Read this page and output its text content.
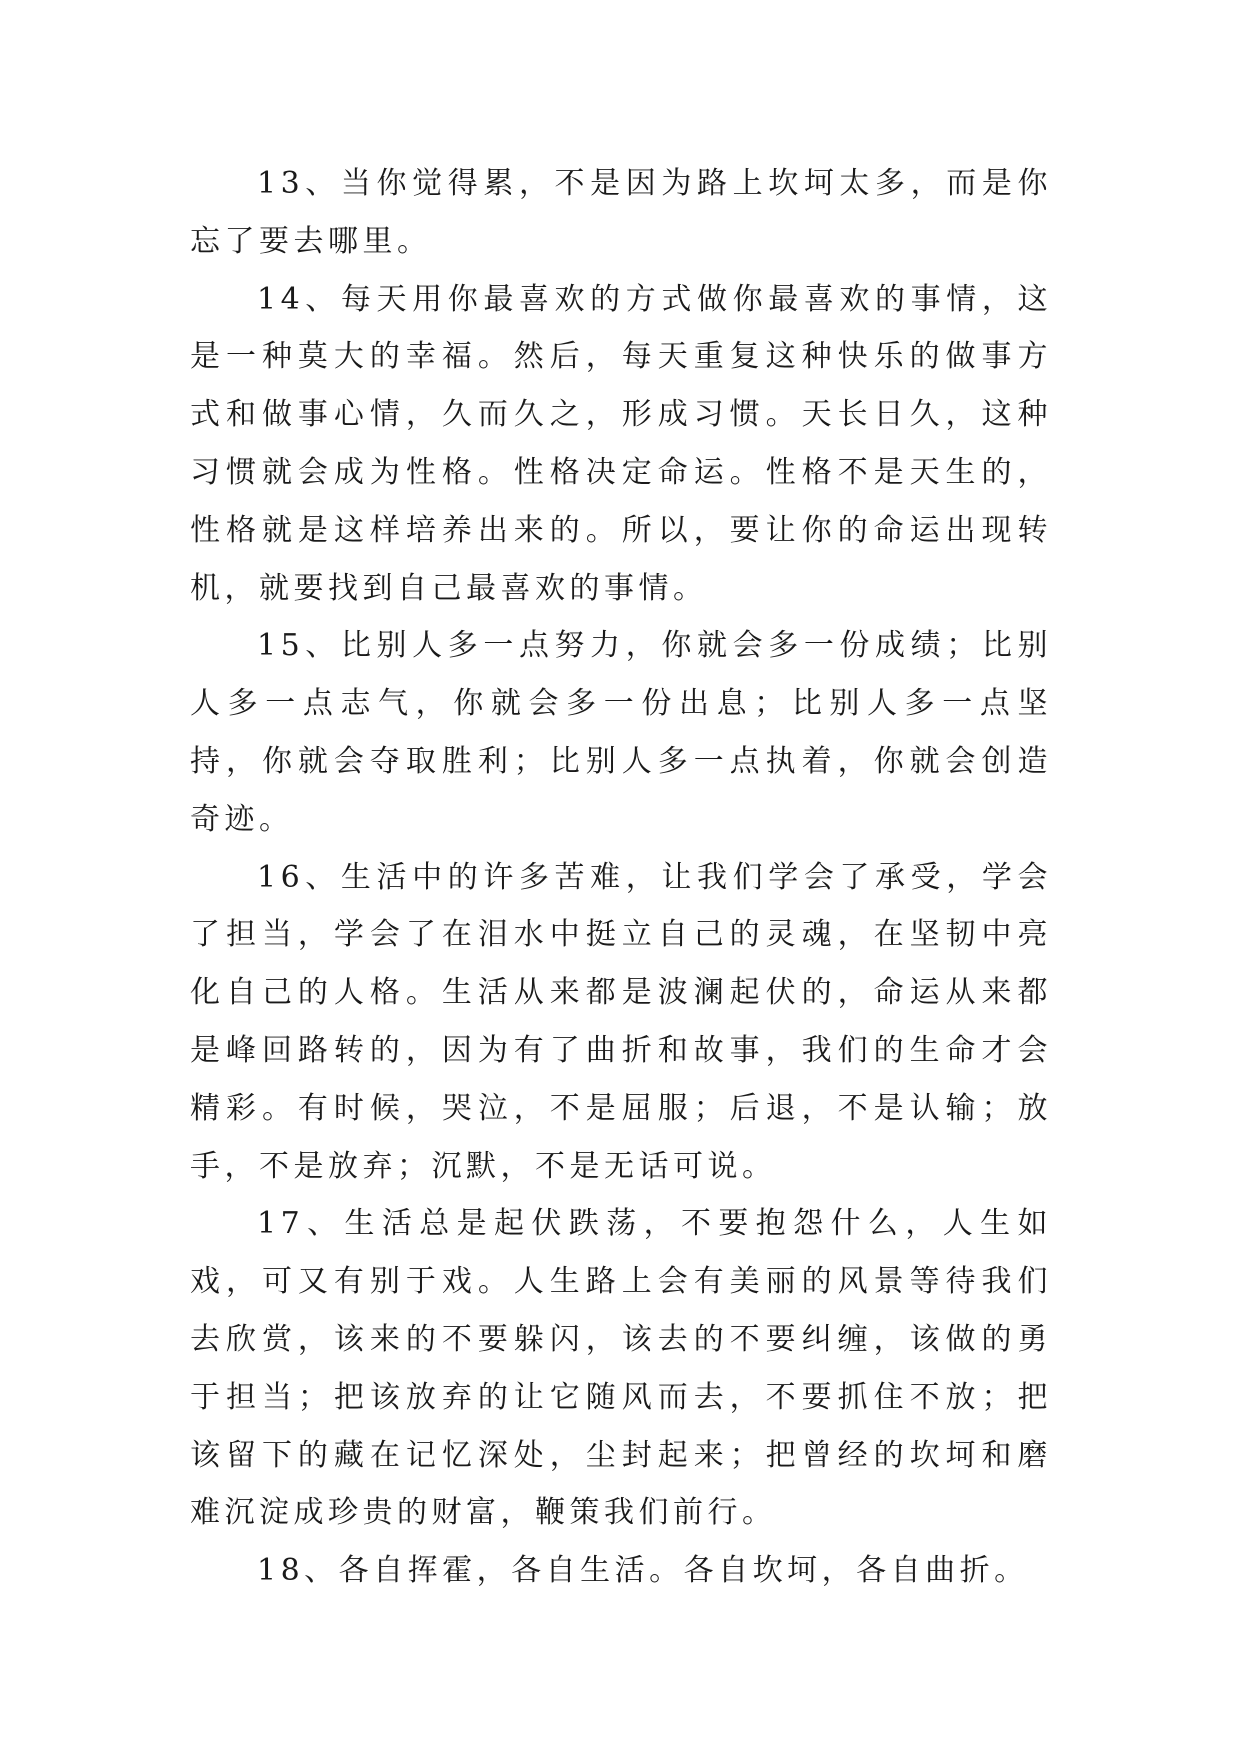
13、当你觉得累，不是因为路上坎坷太多，而是你忘了要去哪里。

14、每天用你最喜欢的方式做你最喜欢的事情，这是一种莫大的幸福。然后，每天重复这种快乐的做事方式和做事心情，久而久之，形成习惯。天长日久，这种习惯就会成为性格。性格决定命运。性格不是天生的，性格就是这样培养出来的。所以，要让你的命运出现转机，就要找到自己最喜欢的事情。

15、比别人多一点努力，你就会多一份成绩；比别人多一点志气，你就会多一份出息；比别人多一点坚持，你就会夺取胜利；比别人多一点执着，你就会创造奇迹。

16、生活中的许多苦难，让我们学会了承受，学会了担当，学会了在泪水中挺立自己的灵魂，在坚韧中亮化自己的人格。生活从来都是波澜起伏的，命运从来都是峰回路转的，因为有了曲折和故事，我们的生命才会精彩。有时候，哭泣，不是屈服；后退，不是认输；放手，不是放弃；沉默，不是无话可说。

17、生活总是起伏跌荡，不要抱怨什么，人生如戏，可又有别于戏。人生路上会有美丽的风景等待我们去欣赏，该来的不要躲闪，该去的不要纠缠，该做的勇于担当；把该放弃的让它随风而去，不要抓住不放；把该留下的藏在记忆深处，尘封起来；把曾经的坎坷和磨难沉淀成珍贵的财富，鞭策我们前行。

18、各自挥霍，各自生活。各自坎坷，各自曲折。
